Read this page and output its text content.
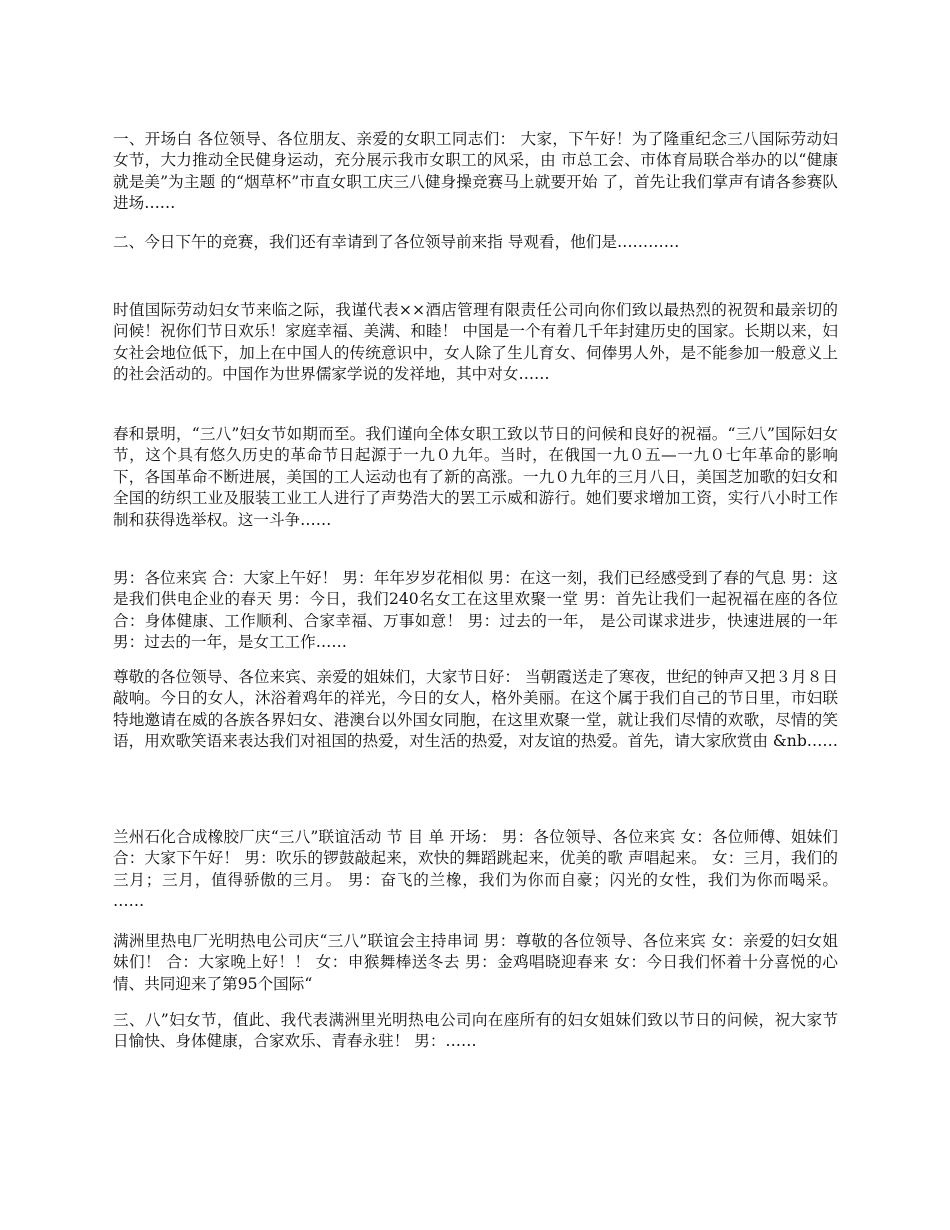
一、开场白 各位领导、各位朋友、亲爱的女职工同志们： 大家，下午好！为了隆重纪念三八国际劳动妇女节，大力推动全民健身运动，充分展示我市女职工的风采，由 市总工会、市体育局联合举办的以“健康就是美”为主题 的“烟草杯”市直女职工庆三八健身操竞赛马上就要开始 了，首先让我们掌声有请各参赛队进场……

二、今日下午的竞赛，我们还有幸请到了各位领导前来指 导观看，他们是…………

时值国际劳动妇女节来临之际，我谨代表××酒店管理有限责任公司向你们致以最热烈的祝贺和最亲切的问候！祝你们节日欢乐！家庭幸福、美满、和睦！ 中国是一个有着几千年封建历史的国家。长期以来，妇女社会地位低下，加上在中国人的传统意识中，女人除了生儿育女、伺俸男人外，是不能参加一般意义上的社会活动的。中国作为世界儒家学说的发祥地，其中对女……

春和景明，“三八”妇女节如期而至。我们谨向全体女职工致以节日的问候和良好的祝福。“三八”国际妇女节，这个具有悠久历史的革命节日起源于一九０九年。当时，在俄国一九０五—一九０七年革命的影响下，各国革命不断进展，美国的工人运动也有了新的高涨。一九０九年的三月八日，美国芝加歌的妇女和全国的纺织工业及服装工业工人进行了声势浩大的罢工示威和游行。她们要求增加工资，实行八小时工作制和获得选举权。这一斗争……

男：各位来宾 合：大家上午好！ 男：年年岁岁花相似 男：在这一刻，我们已经感受到了春的气息 男：这是我们供电企业的春天 男：今日，我们240名女工在这里欢聚一堂 男：首先让我们一起祝福在座的各位 合：身体健康、工作顺利、合家幸福、万事如意！ 男：过去的一年， 是公司谋求进步，快速进展的一年 男：过去的一年，是女工工作……

尊敬的各位领导、各位来宾、亲爱的姐妹们，大家节日好： 当朝霞送走了寒夜，世纪的钟声又把３月８日敲响。今日的女人，沐浴着鸡年的祥光，今日的女人，格外美丽。在这个属于我们自己的节日里，市妇联特地邀请在威的各族各界妇女、港澳台以外国女同胞，在这里欢聚一堂，就让我们尽情的欢歌，尽情的笑语，用欢歌笑语来表达我们对祖国的热爱，对生活的热爱，对友谊的热爱。首先，请大家欣赏由 &nb……

兰州石化合成橡胶厂庆“三八”联谊活动 节 目 单 开场： 男：各位领导、各位来宾 女：各位师傅、姐妹们 合：大家下午好！ 男：吹乐的锣鼓敲起来，欢快的舞蹈跳起来，优美的歌 声唱起来。 女：三月，我们的三月；三月，值得骄傲的三月。 男：奋飞的兰橡，我们为你而自豪；闪光的女性，我们为你而喝采。 ……

满洲里热电厂光明热电公司庆“三八”联谊会主持串词 男：尊敬的各位领导、各位来宾 女：亲爱的妇女姐妹们！ 合：大家晚上好！！ 女：申猴舞棒送冬去 男：金鸡唱晓迎春来 女：今日我们怀着十分喜悦的心情、共同迎来了第95个国际“

三、八”妇女节，值此、我代表满洲里光明热电公司向在座所有的妇女姐妹们致以节日的问候，祝大家节日愉快、身体健康，合家欢乐、青春永驻！ 男：……
